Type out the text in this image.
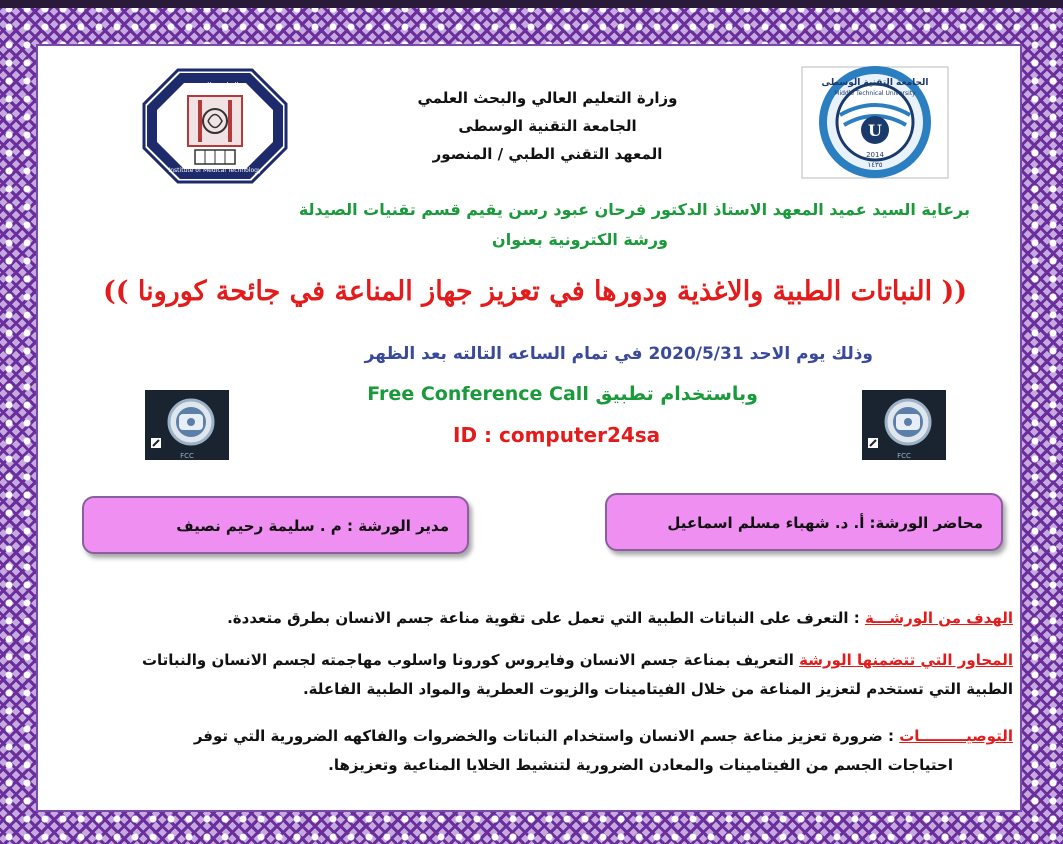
الجامعة التقنية
Institute of Medical Technology
وزارة التعليم العالي والبحث العلمي
الجامعة التقنية الوسطى
المعهد التقني الطبي / المنصور
U
الجامعة التقنية الوسطى
Middle Technical University
2014
١٤٣٥
برعاية السيد عميد المعهد الاستاذ الدكتور فرحان عبود رسن يقيم قسم تقنيات الصيدلة
ورشة الكترونية بعنوان
(( النباتات الطبية والاغذية ودورها في تعزيز جهاز المناعة في جائحة كورونا ))
وذلك يوم الاحد 2020/5/31 في تمام الساعه التالته بعد الظهر
وباستخدام تطبيق Free Conference Call
ID : computer24sa
FCC	FCC
مدير الورشة : م . سليمة رحيم نصيف	محاضر الورشة: أ. د. شهباء مسلم اسماعيل
الهدف من الورشـــة : التعرف على النباتات الطبية التي تعمل على تقوية مناعة جسم الانسان بطرق متعددة.
المحاور التي تتضمنها الورشة التعريف بمناعة جسم الانسان وفايروس كورونا واسلوب مهاجمته لجسم الانسان والنباتات
الطبية التي تستخدم لتعزيز المناعة من خلال الفيتامينات والزيوت العطرية والمواد الطبية الفاعلة.
التوصيـــــــــات : ضرورة تعزيز مناعة جسم الانسان واستخدام النباتات والخضروات والفاكهه الضرورية التي توفر
احتياجات الجسم من الفيتامينات والمعادن الضرورية لتنشيط الخلايا المناعية وتعزيزها.
